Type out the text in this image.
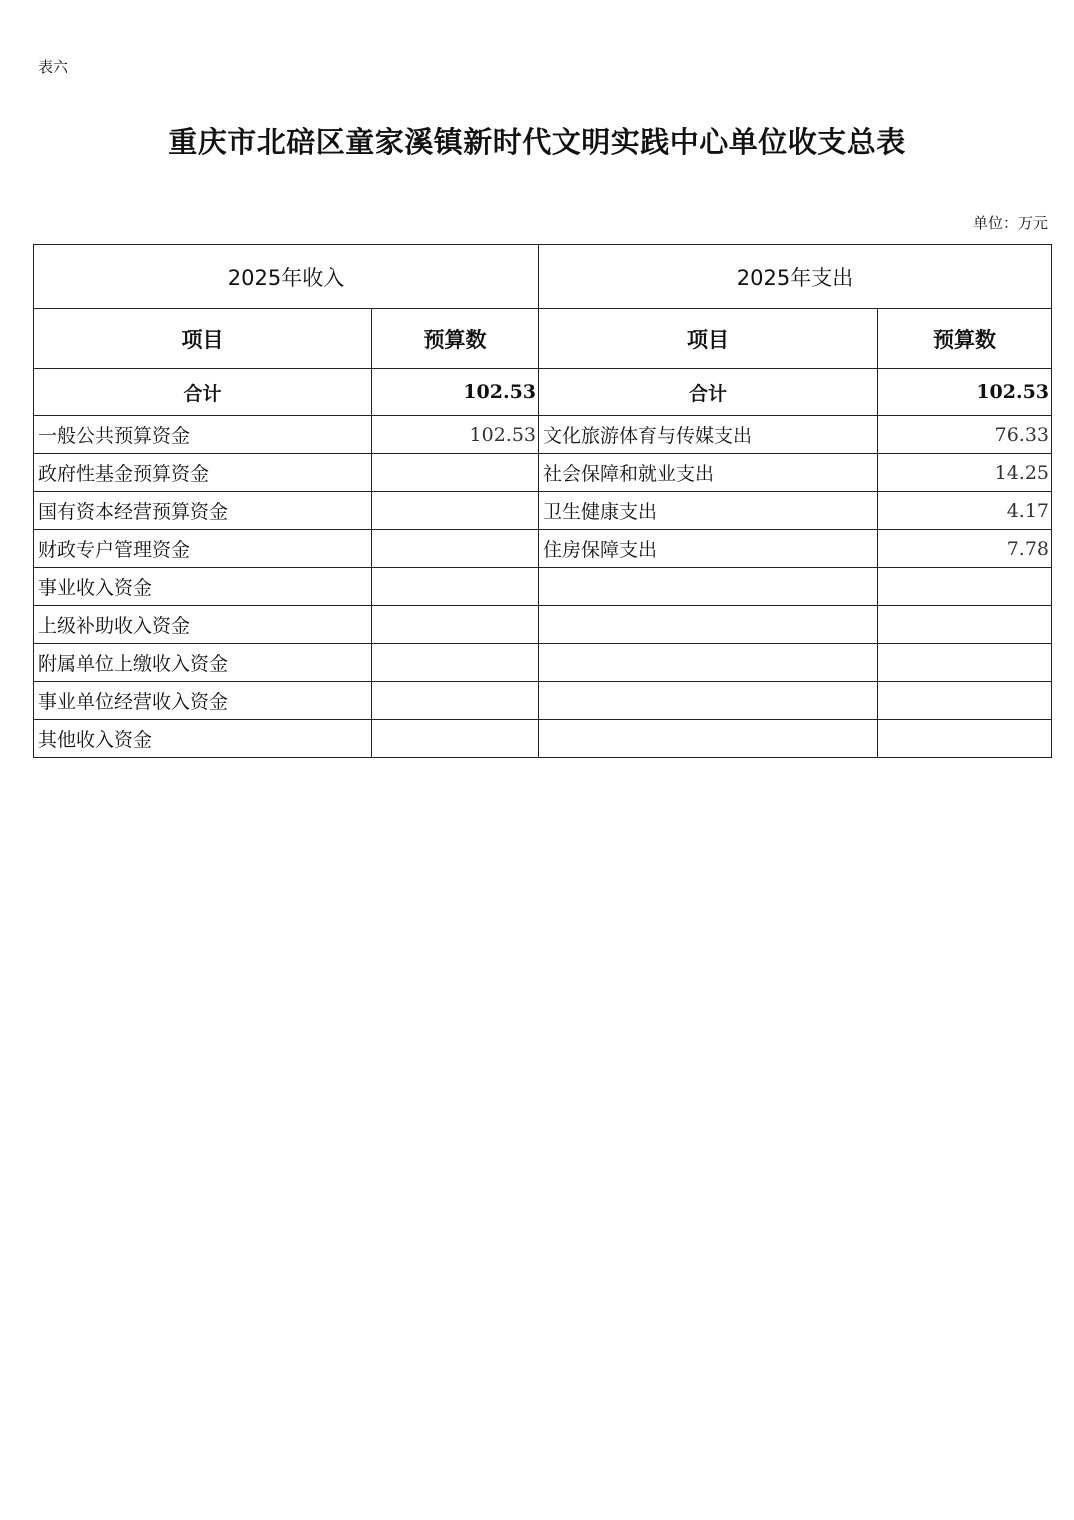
表六
重庆市北碚区童家溪镇新时代文明实践中心单位收支总表
单位：万元
2025年收入		2025年支出	
项目	预算数	项目	预算数
合计	102.53	合计	102.53
一般公共预算资金	102.53	文化旅游体育与传媒支出	76.33
政府性基金预算资金		社会保障和就业支出	14.25
国有资本经营预算资金		卫生健康支出	4.17
财政专户管理资金		住房保障支出	7.78
事业收入资金			
上级补助收入资金			
附属单位上缴收入资金			
事业单位经营收入资金			
其他收入资金			
